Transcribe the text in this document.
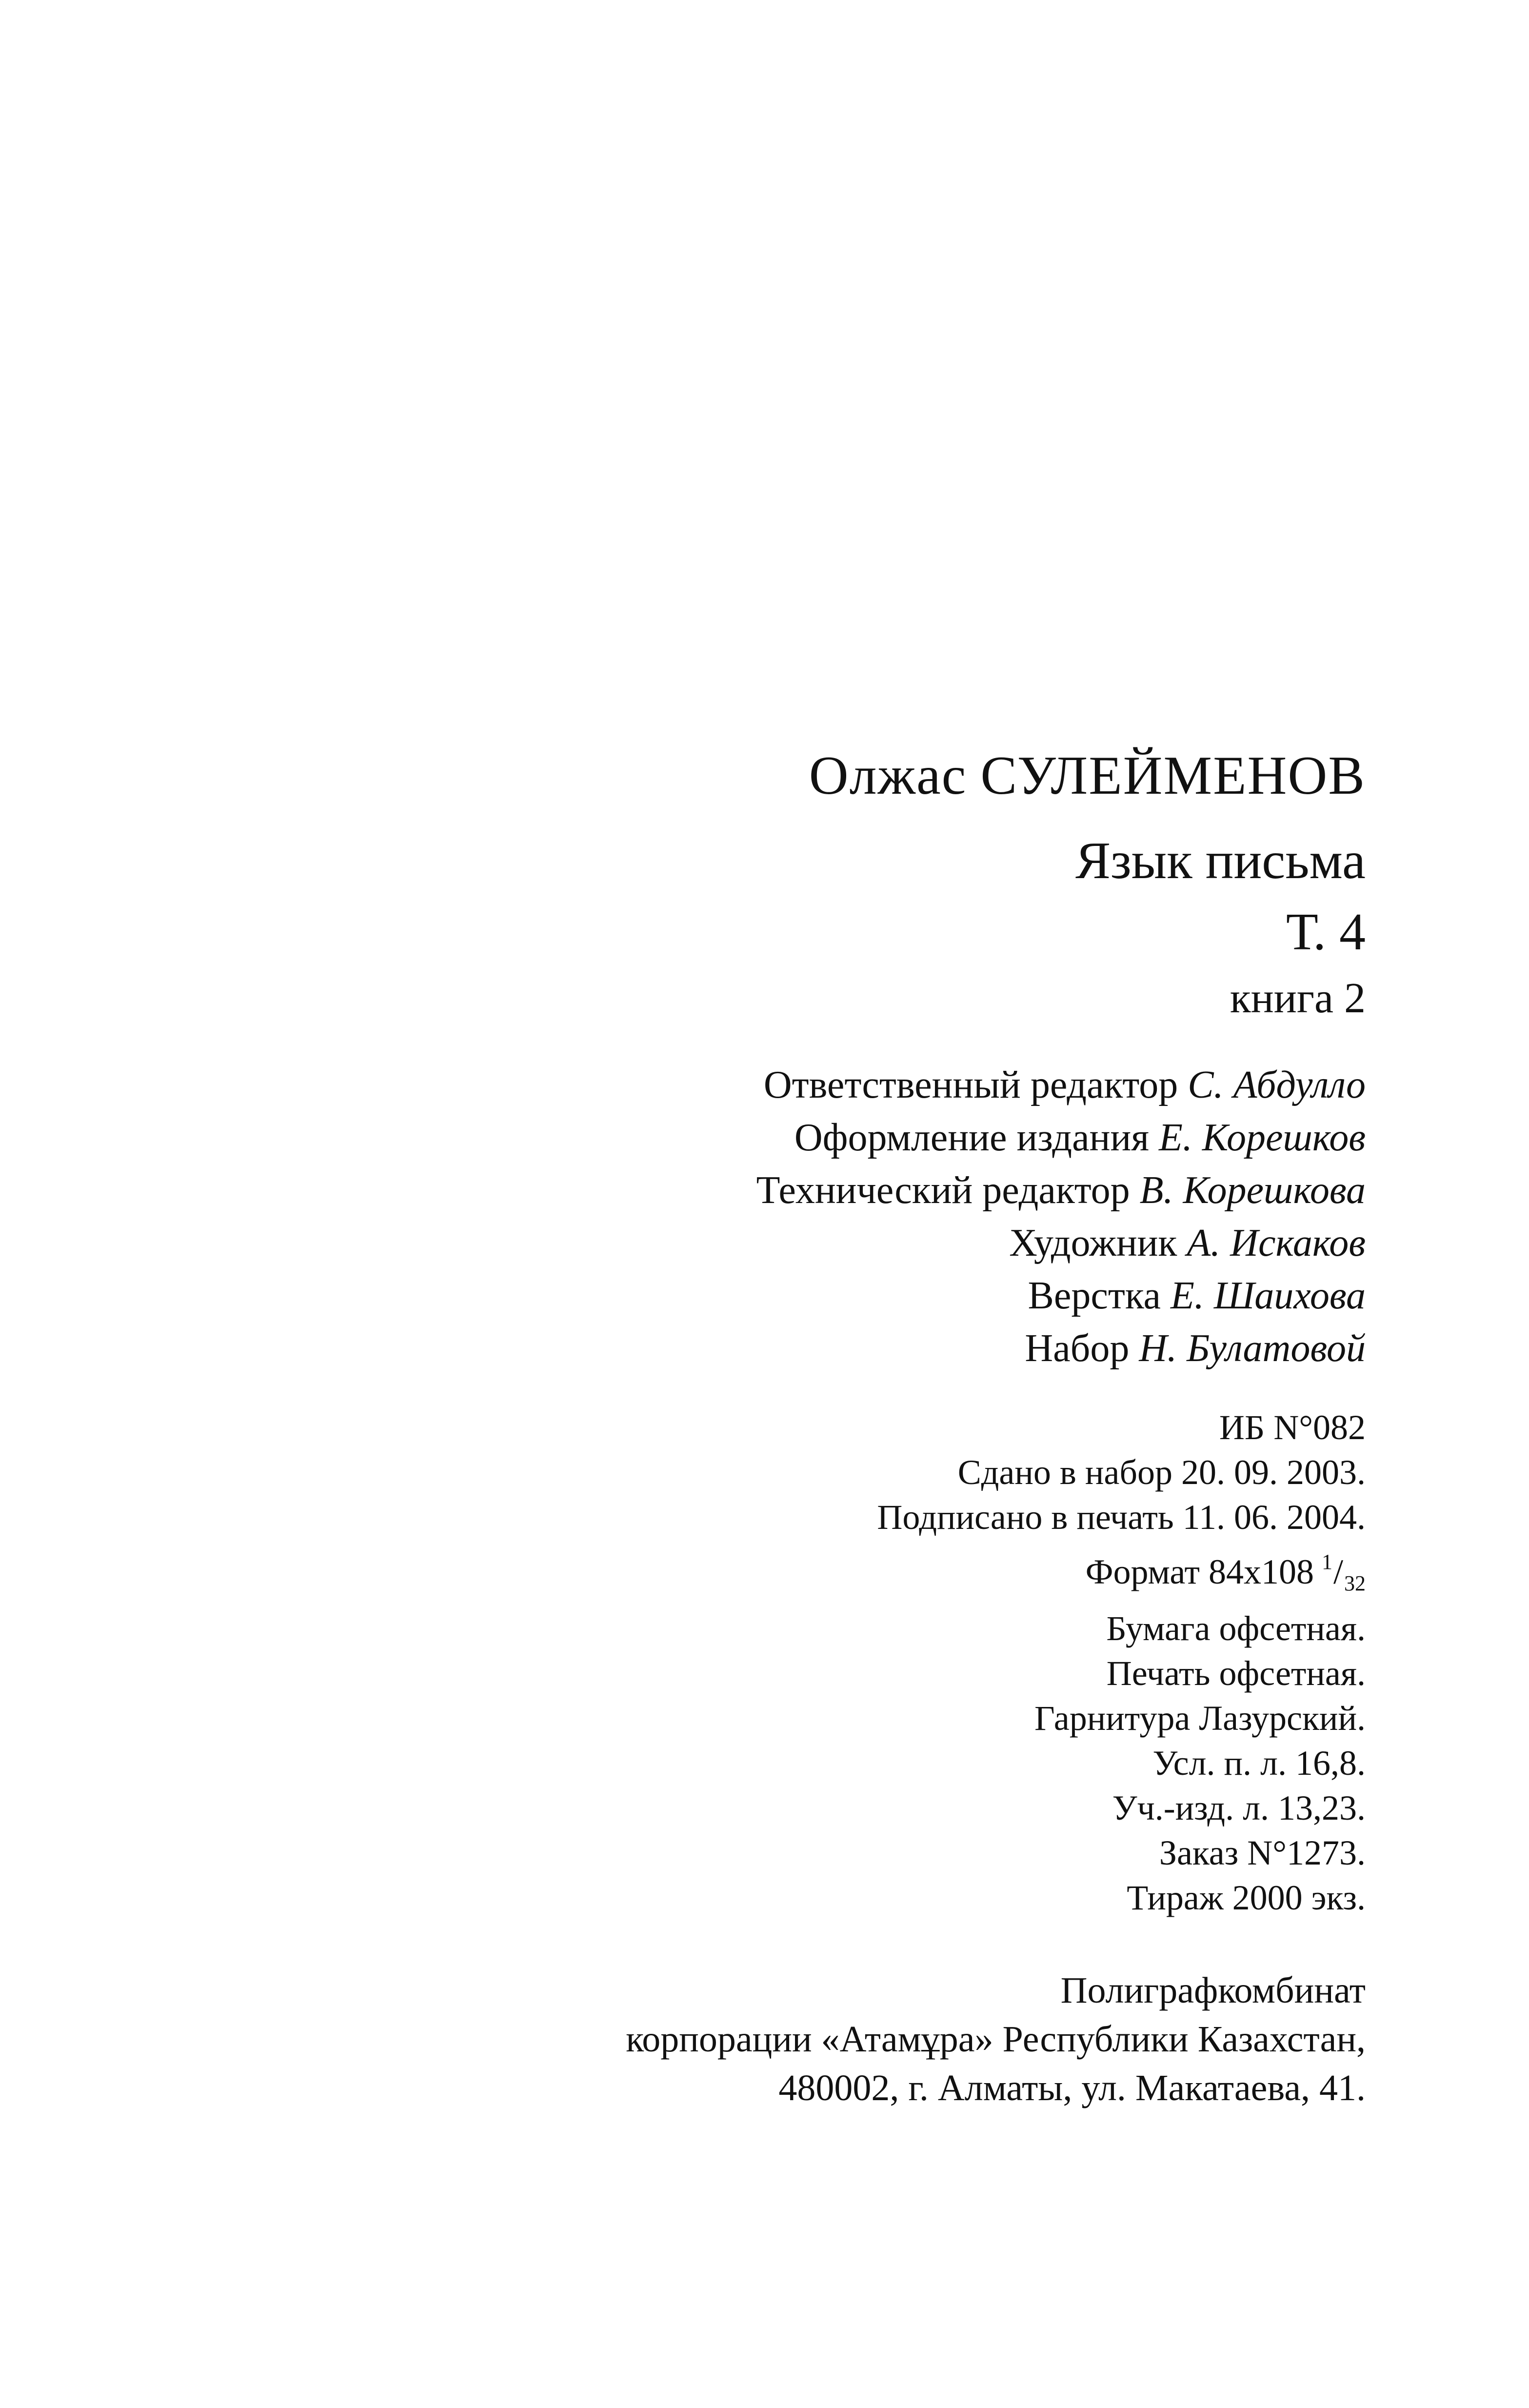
Олжас СУЛЕЙМЕНОВ
Язык письма
Т. 4
книга 2
Ответственный редактор С. Абдулло
Оформление издания Е. Корешков
Технический редактор В. Корешкова
Художник А. Искаков
Верстка Е. Шаихова
Набор Н. Булатовой
ИБ N°082
Сдано в набор 20. 09. 2003.
Подписано в печать 11. 06. 2004.
Формат 84x108 $^1$/32
Бумага офсетная.
Печать офсетная.
Гарнитура Лазурский.
Усл. п. л. 16,8.
Уч.-изд. л. 13,23.
Заказ N°1273.
Тираж 2000 экз.
Полиграфкомбинат
корпорации «Атамұра» Республики Казахстан,
480002, г. Алматы, ул. Макатаева, 41.
